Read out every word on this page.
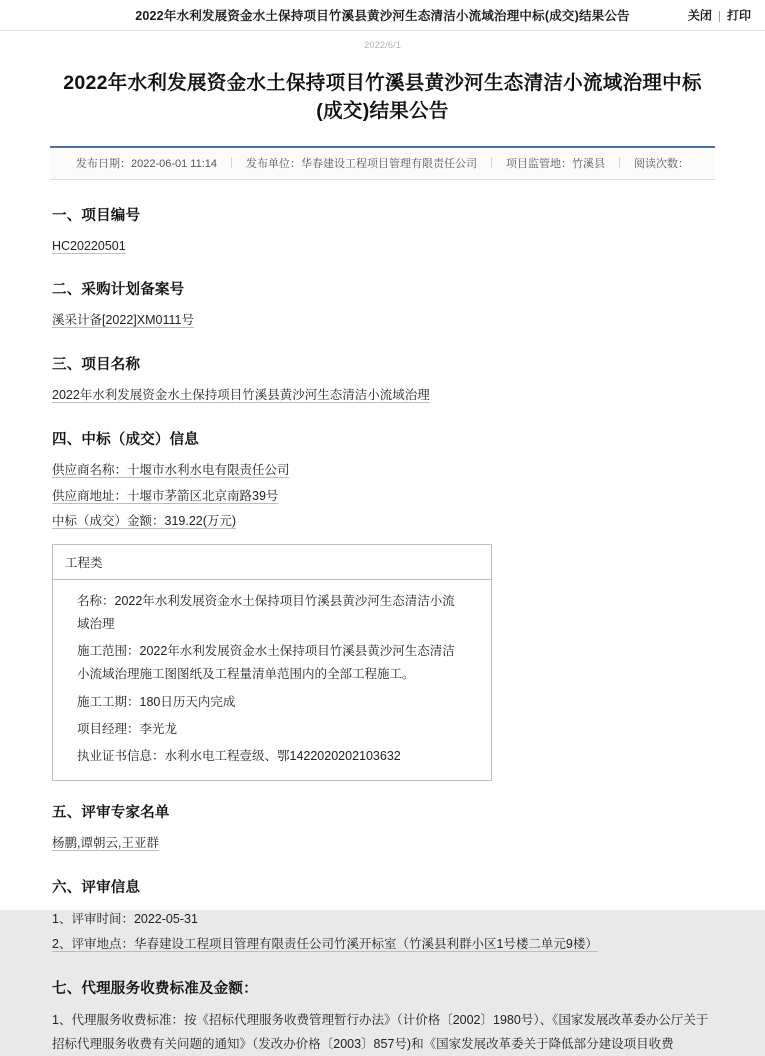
2022年水利发展资金水土保持项目竹溪县黄沙河生态清洁小流域治理中标(成交)结果公告	关闭 | 打印
2022/6/1
2022年水利发展资金水土保持项目竹溪县黄沙河生态清洁小流域治理中标(成交)结果公告
发布日期：2022-06-01 11:14	发布单位：华春建设工程项目管理有限责任公司	项目监管地：竹溪县	阅读次数：
一、项目编号
HC20220501
二、采购计划备案号
溪采计备[2022]XM0111号
三、项目名称
2022年水利发展资金水土保持项目竹溪县黄沙河生态清洁小流域治理
四、中标（成交）信息
供应商名称：十堰市水利水电有限责任公司
供应商地址：十堰市茅箭区北京南路39号
中标（成交）金额：319.22(万元)
工程类
名称：2022年水利发展资金水土保持项目竹溪县黄沙河生态清洁小流域治理
施工范围：2022年水利发展资金水土保持项目竹溪县黄沙河生态清洁小流域治理施工图图纸及工程量清单范围内的全部工程施工。
施工工期：180日历天内完成
项目经理：李光龙
执业证书信息：水利水电工程壹级、鄂1422020202103632
五、评审专家名单
杨鹏,谭朝云,王亚群
六、评审信息
1、评审时间：2022-05-31
2、评审地点：华春建设工程项目管理有限责任公司竹溪开标室（竹溪县利群小区1号楼二单元9楼）
七、代理服务收费标准及金额：
1、代理服务收费标准：按《招标代理服务收费管理暂行办法》（计价格〔2002〕1980号）、《国家发展改革委办公厅关于招标代理服务收费有关问题的通知》（发改办价格〔2003〕857号)和《国家发展改革委关于降低部分建设项目收费
